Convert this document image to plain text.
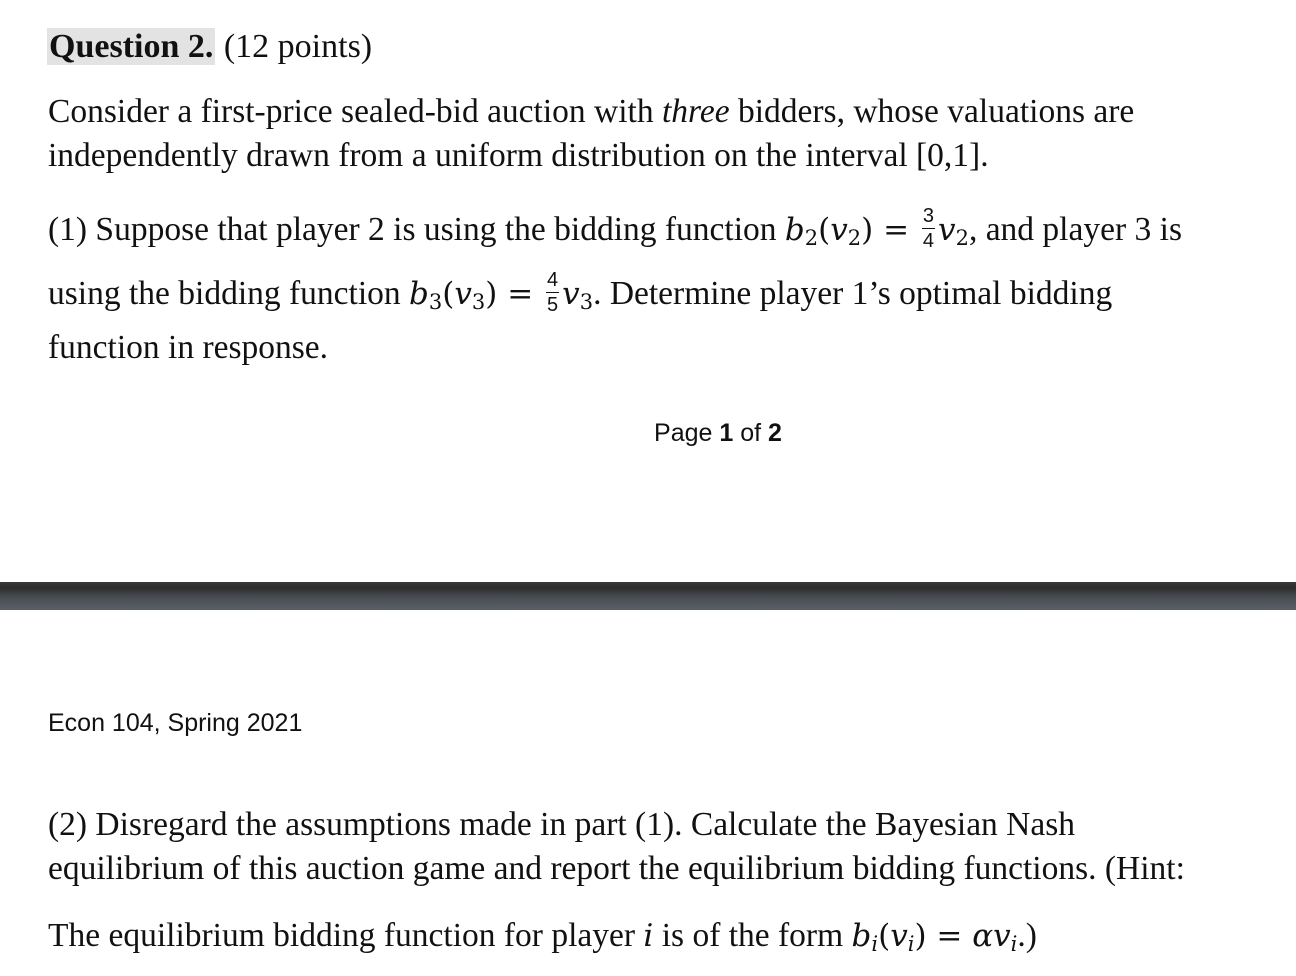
Question 2. (12 points)
Consider a first-price sealed-bid auction with three bidders, whose valuations are
independently drawn from a uniform distribution on the interval [0,1].
(1) Suppose that player 2 is using the bidding function $b_2(v_2) = \frac{3}{4} v_2$, and player 3 is
using the bidding function $b_3(v_3) = \frac{4}{5} v_3$. Determine player 1’s optimal bidding
function in response.
Page 1 of 2
Econ 104, Spring 2021
(2) Disregard the assumptions made in part (1). Calculate the Bayesian Nash
equilibrium of this auction game and report the equilibrium bidding functions. (Hint:
The equilibrium bidding function for player i is of the form $b_i(v_i) = \alpha v_i$.)
